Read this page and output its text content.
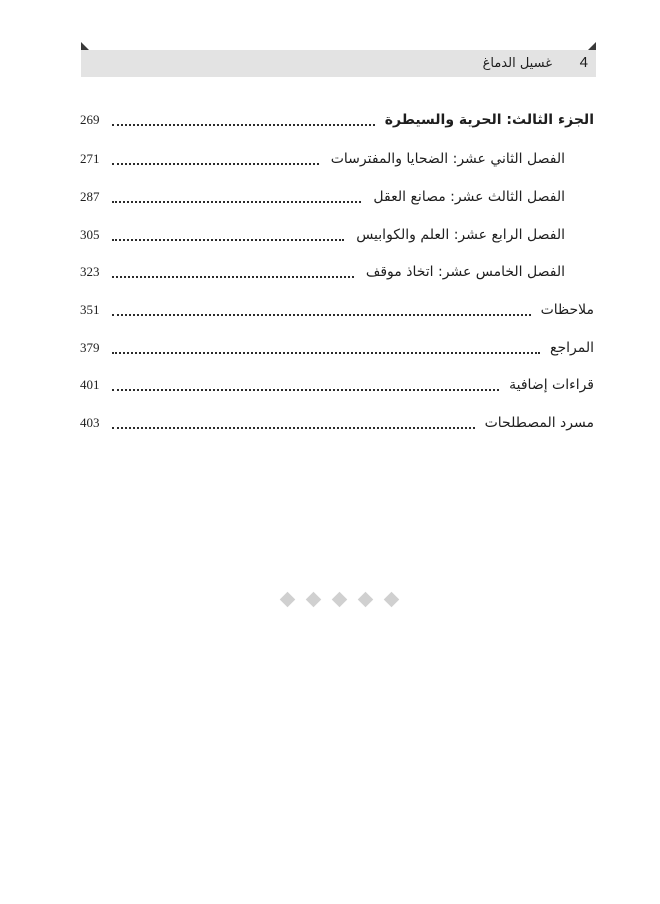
4
غسيل الدماغ
الجزء الثالث: الحرية والسيطرة
269
الفصل الثاني عشر: الضحايا والمفترسات
271
الفصل الثالث عشر: مصانع العقل
287
الفصل الرابع عشر: العلم والكوابيس
305
الفصل الخامس عشر: اتخاذ موقف
323
ملاحظات
351
المراجع
379
قراءات إضافية
401
مسرد المصطلحات
403
